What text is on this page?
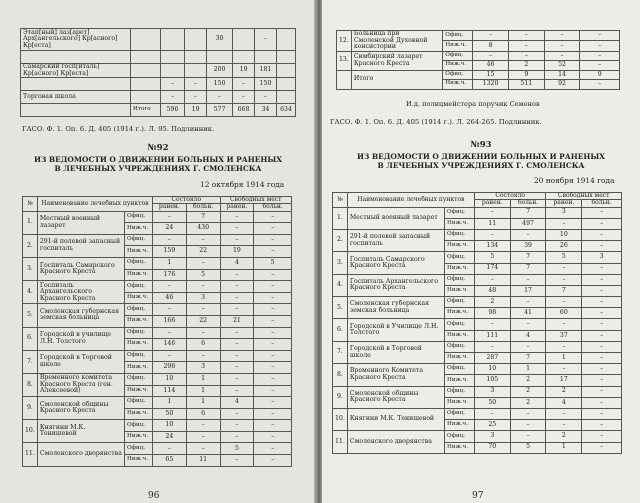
Этап[ный] лаз[арет] Арх[ангельского] Кр[асного] Кр[еста]				30		–	

Самарский госп[италь] Кр[асного] Кр[еста]				200	19	181	
		–	–	150	–	150	
Торговая школа		–	–	–	–	–	
	Итого	596	19	577	668	34	634
ГАСО. Ф. 1. Оп. 6. Д. 405 (1914 г.). Л. 95. Подлинник.
№92
ИЗ ВЕДОМОСТИ О ДВИЖЕНИИ БОЛЬНЫХ И РАНЕНЫХ
В ЛЕЧЕБНЫХ УЧРЕЖДЕНИЯХ Г. СМОЛЕНСКА
12 октября 1914 года
№	Наименование лечебных пунктов		Состояло		Свободных мест	
			ранен.	больн.	ранен.	больн.
1.	Местный военный лазарет	Офиц.	–	7	–	–
		Ниж.ч.	24	430	–	–
2.	291-й полевой запасный госпиталь	Офиц.	–	–	–	–
		Ниж.ч.	159	22	19	–
3.	Госпиталь Самарского Красного Креста	Офиц.	1	–	4	5
		Ниж.ч.	176	5	–	–
4.	Госпиталь Архангельского Красного Креста	Офиц.	–	–	–	–
		Ниж.ч.	46	3	–	–
5.	Смоленская губернская земская больница	Офиц.	–	–	–	–
		Ниж.ч.	166	22	21	–
6.	Городской в училище Л.Н. Толстого	Офиц.	–	–	–	–
		Ниж.ч.	146	6	–	–
7.	Городской в Торговой школе	Офиц.	–	–	–	–
		Ниж.ч.	296	3	–	–
8.	Временного комитета Красного Креста (ген. Алексеевой)	Офиц.	10	1	–	–
		Ниж.ч.	114	1	–	–
9.	Смоленской общины Красного Креста	Офиц.	1	1	4	–
		Ниж.ч.	50	6	–	–
10.	Княгини М.К. Тенишевой	Офиц.	10	–	–	–
		Ниж.ч.	24	–	–	–
11.	Смоленского дворянства	Офиц.	–	–	5	–
		Ниж.ч.	65	11	–	–
96
12.	Больница при Смоленской Духовной консистории	Офиц.	–	–	–	–
		Ниж.ч.	8	–	–	–
13.	Симбирский лазарет Красного Креста	Офиц.	–	–	–	–
		Ниж.ч.	46	2	52	–
	Итого	Офиц.	15	9	14	9
		Ниж.ч.	1320	511	92	–
И.д. полицмейстера поручик Семенов
ГАСО. Ф. 1. Оп. 6. Д. 405 (1914 г.). Л. 264-265. Подлинник.
№93
ИЗ ВЕДОМОСТИ О ДВИЖЕНИИ БОЛЬНЫХ И РАНЕНЫХ
В ЛЕЧЕБНЫХ УЧРЕЖДЕНИЯХ Г. СМОЛЕНСКА
20 ноября 1914 года
№	Наименование лечебных пунктов		Состояло		Свободных мест	
			ранен.	больн.	ранен.	больн.
1.	Местный военный лазарет	Офиц.	–	7	3	–
		Ниж.ч.	11	497	–	–
2.	291-й полевой запасный госпиталь	Офиц.	–	–	10	–
		Ниж.ч.	134	39	26	–
3.	Госпиталь Самарского Красного Креста	Офиц.	5	7	5	3
		Ниж.ч.	174	7	–	–
4.	Госпиталь Архангельского Красного Креста	Офиц.	–	–	–	–
		Ниж.ч.	48	17	7	–
5.	Смоленская губернская земская больница	Офиц.	2	–	–	–
		Ниж.ч.	98	41	60	–
6.	Городской в Училище Л.Н. Толстого	Офиц.	–	–	–	–
		Ниж.ч.	111	4	37	–
7.	Городской в Торговой школе	Офиц.	–	–	–	–
		Ниж.ч.	287	7	1	–
8.	Временного Комитета Красного Креста	Офиц.	10	1	–	–
		Ниж.ч.	105	2	17	–
9.	Смоленской общины Красного Креста	Офиц.	3	2	2	–
		Ниж.ч.	50	2	4	–
10.	Княгини М.К. Тенишевой	Офиц.	–	–	–	–
		Ниж.ч.	25	–	–	–
11.	Смоленского дворянства	Офиц.	3	–	2	–
		Ниж.ч.	70	5	1	–
97
